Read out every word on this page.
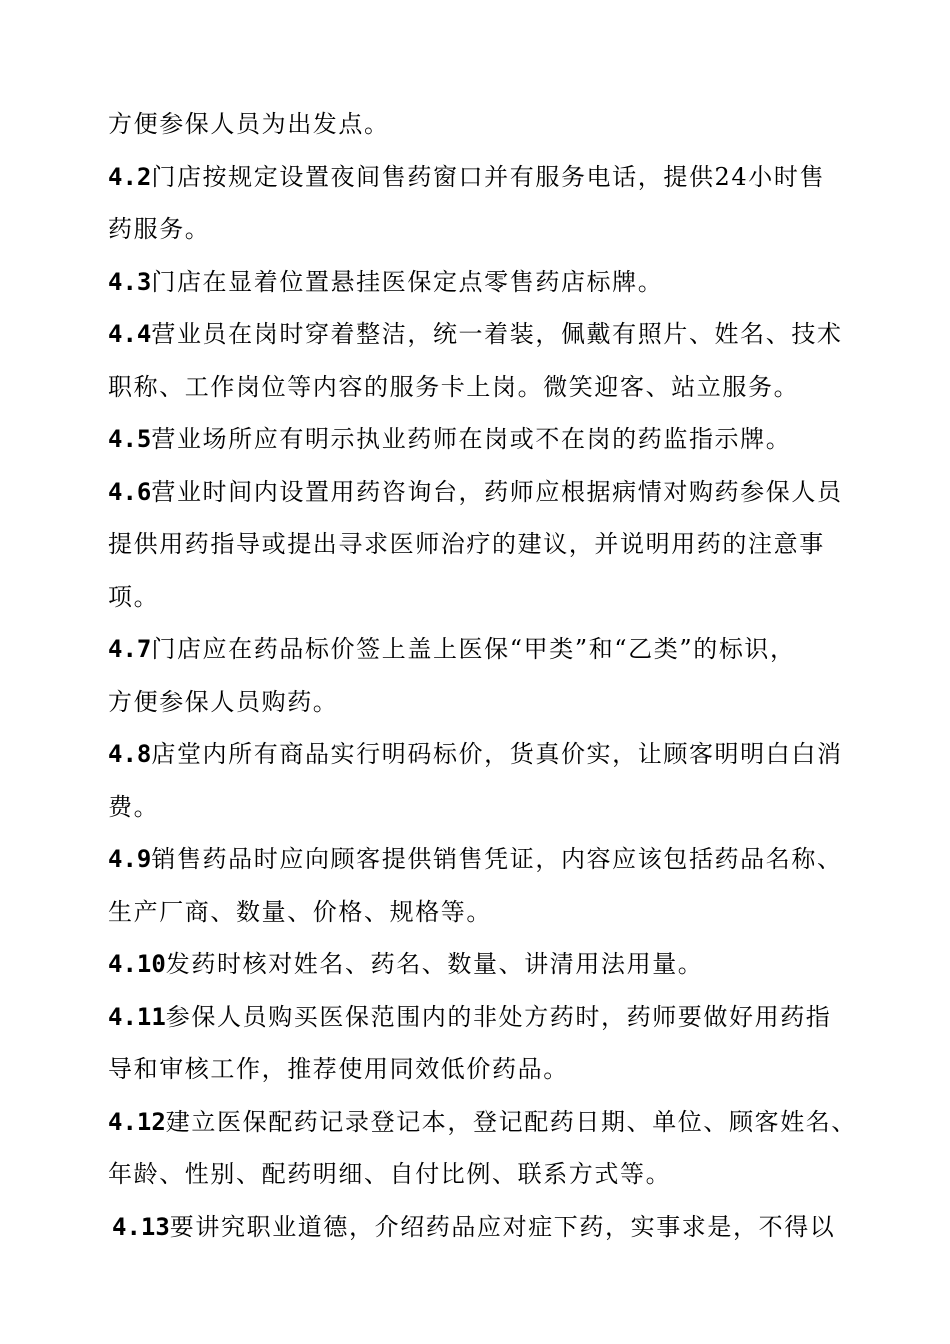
方便参保人员为出发点。
4.2门店按规定设置夜间售药窗口并有服务电话，提供24小时售
药服务。
4.3门店在显着位置悬挂医保定点零售药店标牌。
4.4营业员在岗时穿着整洁，统一着装，佩戴有照片、姓名、技术
职称、工作岗位等内容的服务卡上岗。微笑迎客、站立服务。
4.5营业场所应有明示执业药师在岗或不在岗的药监指示牌。
4.6营业时间内设置用药咨询台，药师应根据病情对购药参保人员
提供用药指导或提出寻求医师治疗的建议，并说明用药的注意事
项。
4.7门店应在药品标价签上盖上医保“甲类”和“乙类”的标识，
方便参保人员购药。
4.8店堂内所有商品实行明码标价，货真价实，让顾客明明白白消
费。
4.9销售药品时应向顾客提供销售凭证，内容应该包括药品名称、
生产厂商、数量、价格、规格等。
4.10发药时核对姓名、药名、数量、讲清用法用量。
4.11参保人员购买医保范围内的非处方药时，药师要做好用药指
导和审核工作，推荐使用同效低价药品。
4.12建立医保配药记录登记本，登记配药日期、单位、顾客姓名、
年龄、性别、配药明细、自付比例、联系方式等。
4.13要讲究职业道德，介绍药品应对症下药，实事求是，不得以
